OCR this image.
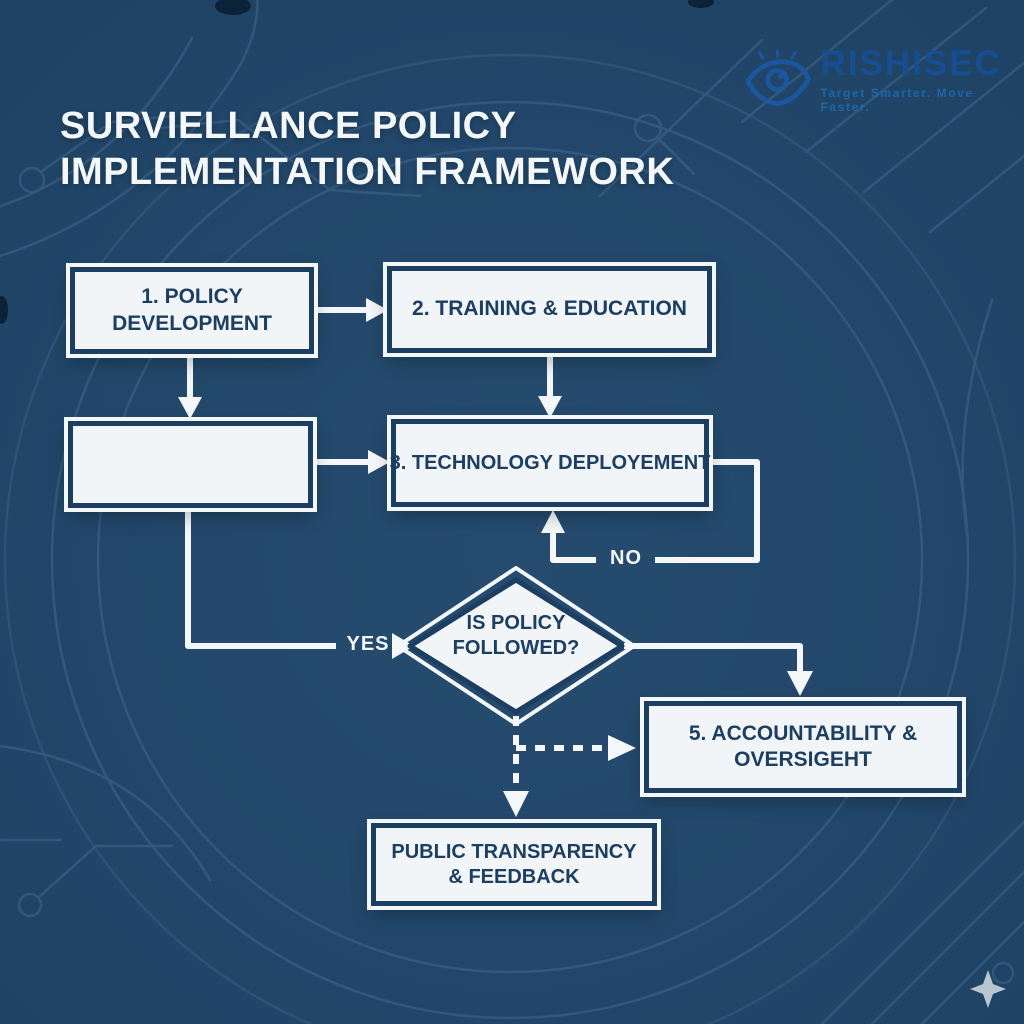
RISHISEC
Target Smarter. Move Faster.
SURVIELLANCE POLICY
IMPLEMENTATION FRAMEWORK
1. POLICY DEVELOPMENT
2. TRAINING & EDUCATION
3. TECHNOLOGY DEPLOYEMENT
5. ACCOUNTABILITY & OVERSIGEHT
PUBLIC TRANSPARENCY & FEEDBACK
IS POLICY FOLLOWED?
YES
NO
